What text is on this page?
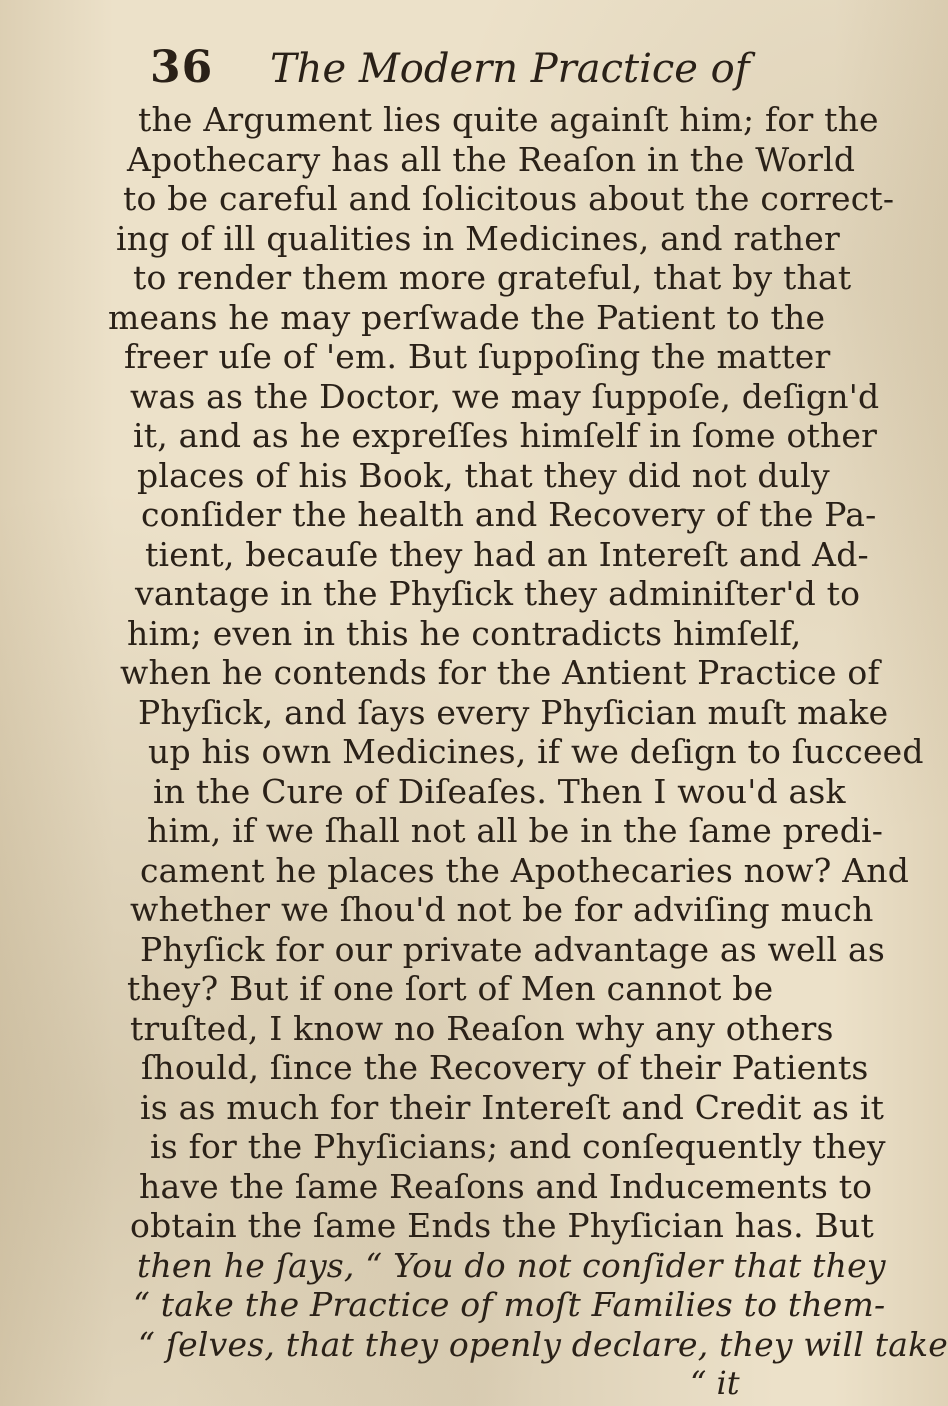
36 The Modern Practice of
the Argument lies quite againſt him; for the
Apothecary has all the Reaſon in the World
to be careful and ſolicitous about the correct-
ing of ill qualities in Medicines, and rather
to render them more grateful, that by that
means he may perſwade the Patient to the
freer uſe of 'em. But ſuppoſing the matter
was as the Doctor, we may ſuppoſe, deſign'd
it, and as he expreſſes himſelf in ſome other
places of his Book, that they did not duly
conſider the health and Recovery of the Pa-
tient, becauſe they had an Intereſt and Ad-
vantage in the Phyſick they adminiſter'd to
him; even in this he contradicts himſelf,
when he contends for the Antient Practice of
Phyſick, and ſays every Phyſician muſt make
up his own Medicines, if we deſign to ſucceed
in the Cure of Diſeaſes. Then I wou'd ask
him, if we ſhall not all be in the ſame predi-
cament he places the Apothecaries now? And
whether we ſhou'd not be for adviſing much
Phyſick for our private advantage as well as
they? But if one ſort of Men cannot be
truſted, I know no Reaſon why any others
ſhould, ſince the Recovery of their Patients
is as much for their Intereſt and Credit as it
is for the Phyſicians; and conſequently they
have the ſame Reaſons and Inducements to
obtain the ſame Ends the Phyſician has. But
then he ſays, “ You do not conſider that they
“ take the Practice of moſt Families to them-
“ ſelves, that they openly declare, they will take
“ it
